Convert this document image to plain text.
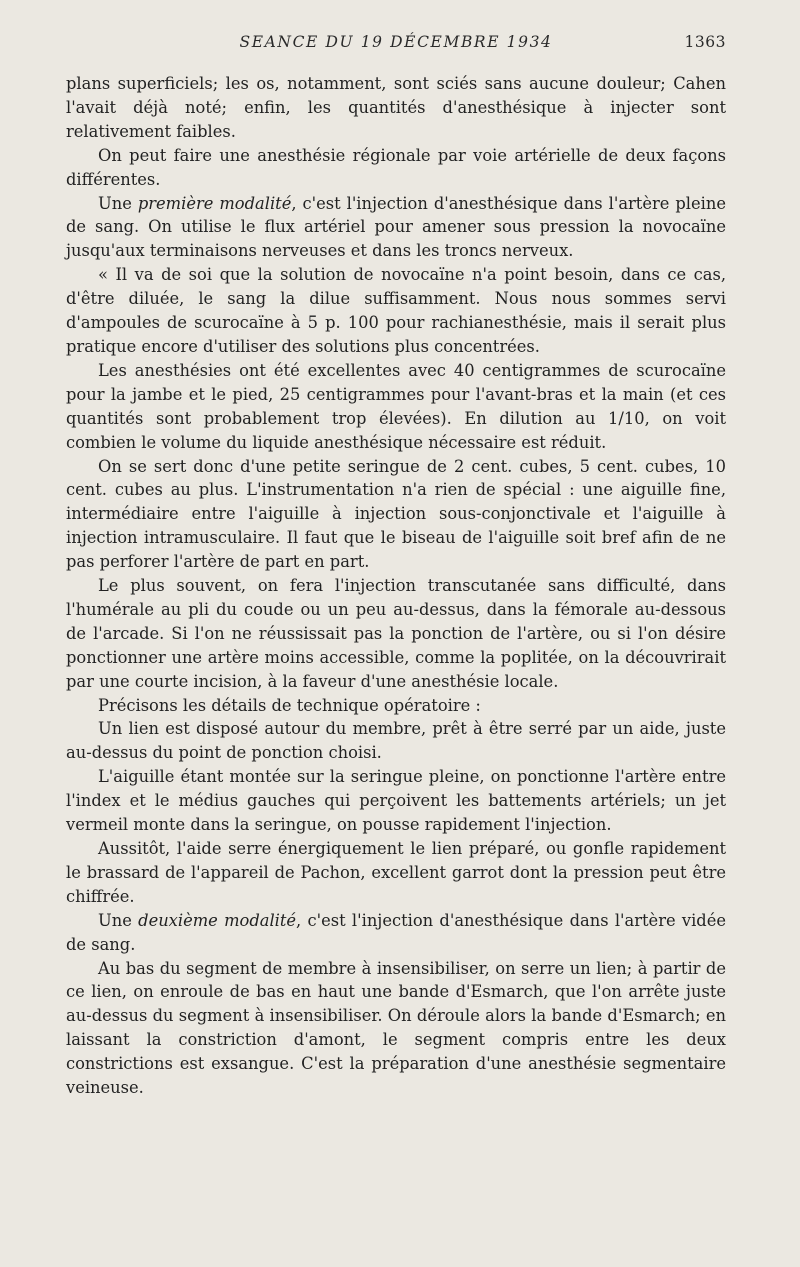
SEANCE DU 19 DÉCEMBRE 1934	1363

plans superficiels; les os, notamment, sont sciés sans aucune douleur; Cahen l'avait déjà noté; enfin, les quantités d'anesthésique à injecter sont relativement faibles.

On peut faire une anesthésie régionale par voie artérielle de deux façons différentes.

Une première modalité, c'est l'injection d'anesthésique dans l'artère pleine de sang. On utilise le flux artériel pour amener sous pression la novocaïne jusqu'aux terminaisons nerveuses et dans les troncs nerveux.

« Il va de soi que la solution de novocaïne n'a point besoin, dans ce cas, d'être diluée, le sang la dilue suffisamment. Nous nous sommes servi d'ampoules de scurocaïne à 5 p. 100 pour rachianesthésie, mais il serait plus pratique encore d'utiliser des solutions plus concentrées.

Les anesthésies ont été excellentes avec 40 centigrammes de scurocaïne pour la jambe et le pied, 25 centigrammes pour l'avant-bras et la main (et ces quantités sont probablement trop élevées). En dilution au 1/10, on voit combien le volume du liquide anesthésique nécessaire est réduit.

On se sert donc d'une petite seringue de 2 cent. cubes, 5 cent. cubes, 10 cent. cubes au plus. L'instrumentation n'a rien de spécial : une aiguille fine, intermédiaire entre l'aiguille à injection sous-conjonctivale et l'aiguille à injection intramusculaire. Il faut que le biseau de l'aiguille soit bref afin de ne pas perforer l'artère de part en part.

Le plus souvent, on fera l'injection transcutanée sans difficulté, dans l'humérale au pli du coude ou un peu au-dessus, dans la fémorale au-dessous de l'arcade. Si l'on ne réussissait pas la ponction de l'artère, ou si l'on désire ponctionner une artère moins accessible, comme la poplitée, on la découvrirait par une courte incision, à la faveur d'une anesthésie locale.

Précisons les détails de technique opératoire :

Un lien est disposé autour du membre, prêt à être serré par un aide, juste au-dessus du point de ponction choisi.

L'aiguille étant montée sur la seringue pleine, on ponctionne l'artère entre l'index et le médius gauches qui perçoivent les battements artériels; un jet vermeil monte dans la seringue, on pousse rapidement l'injection.

Aussitôt, l'aide serre énergiquement le lien préparé, ou gonfle rapidement le brassard de l'appareil de Pachon, excellent garrot dont la pression peut être chiffrée.

Une deuxième modalité, c'est l'injection d'anesthésique dans l'artère vidée de sang.

Au bas du segment de membre à insensibiliser, on serre un lien; à partir de ce lien, on enroule de bas en haut une bande d'Esmarch, que l'on arrête juste au-dessus du segment à insensibiliser. On déroule alors la bande d'Esmarch; en laissant la constriction d'amont, le segment compris entre les deux constrictions est exsangue. C'est la préparation d'une anesthésie segmentaire veineuse.
